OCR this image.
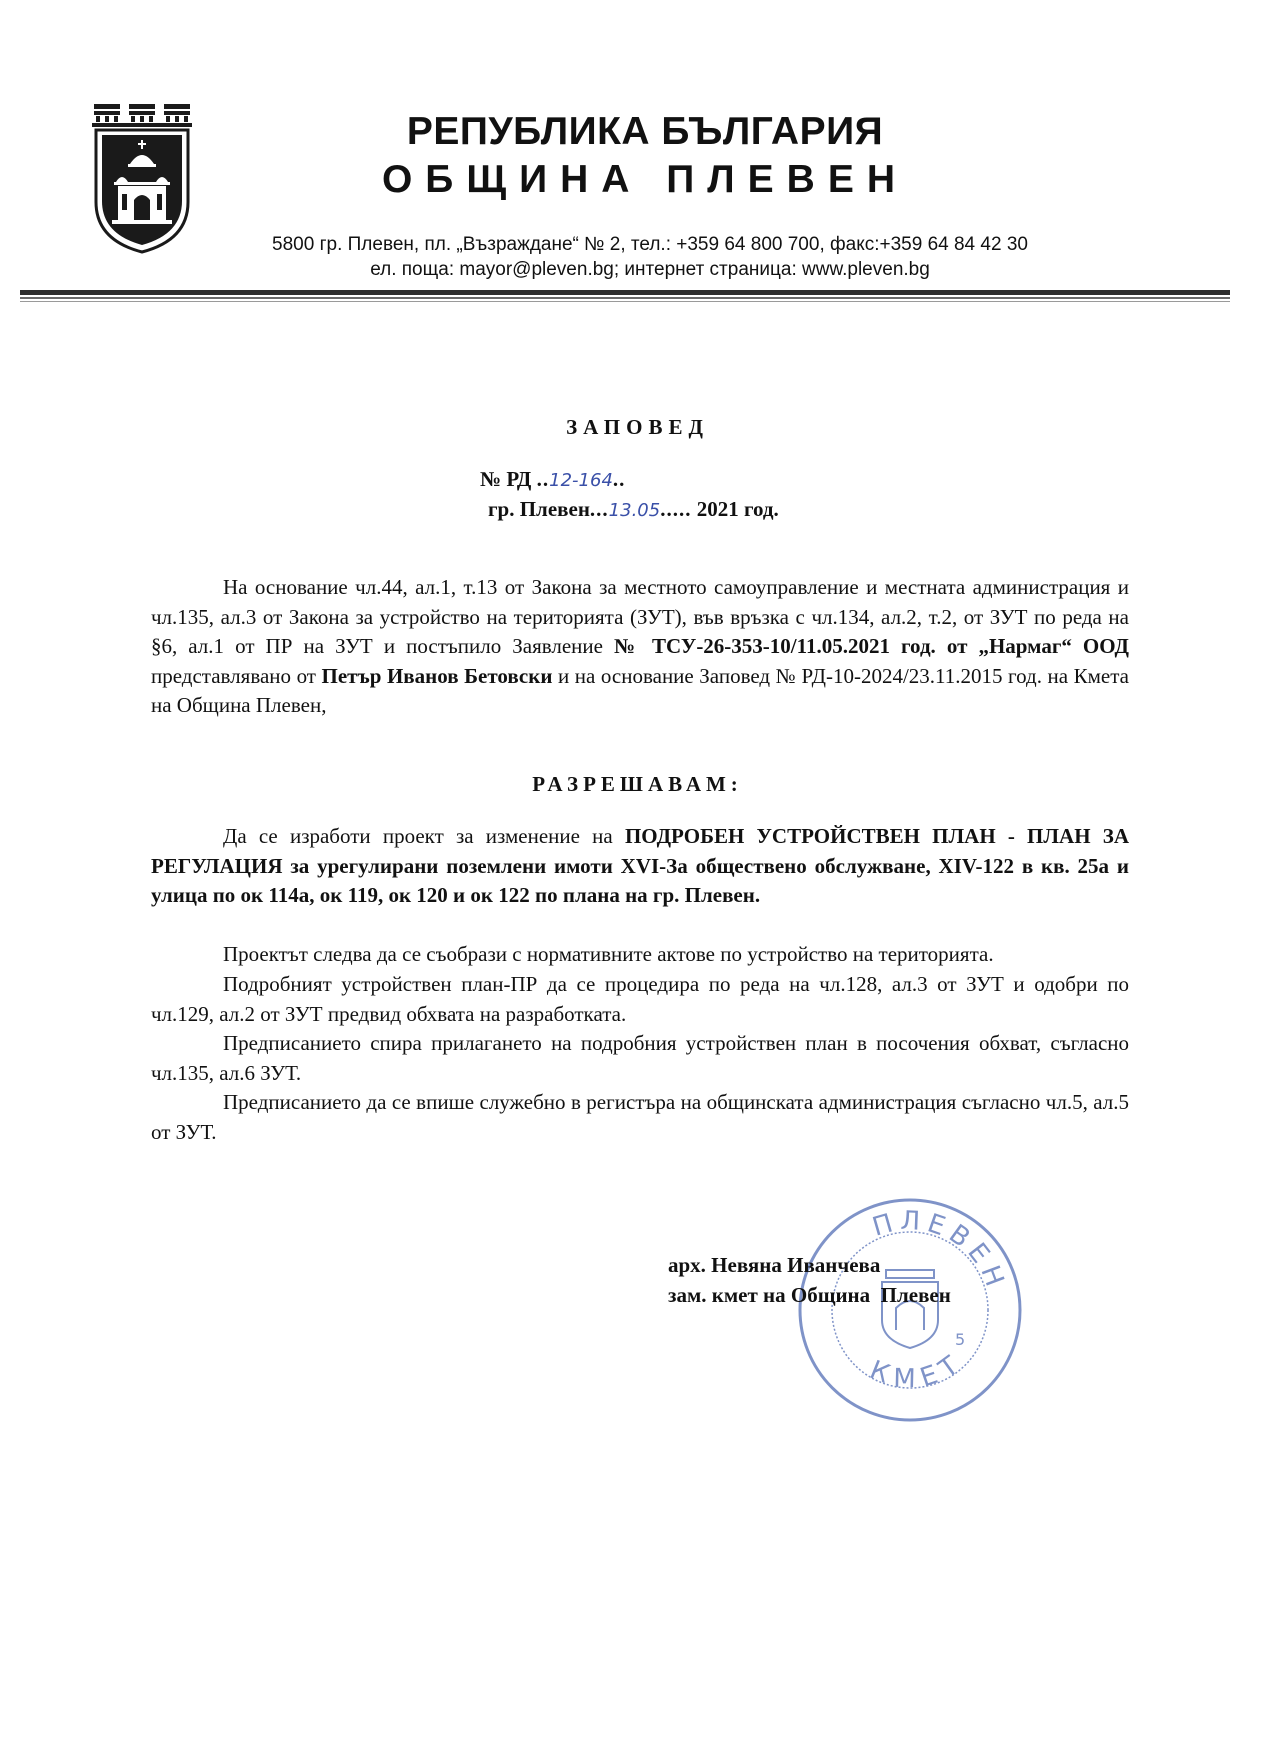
РЕПУБЛИКА БЪЛГАРИЯ
ОБЩИНА ПЛЕВЕН
5800 гр. Плевен, пл. „Възраждане“ № 2, тел.: +359 64 800 700, факс:+359 64 84 42 30
ел. поща: mayor@pleven.bg; интернет страница: www.pleven.bg
ЗАПОВЕД
№ РД ..12-164..
гр. Плевен...13.05..... 2021 год.
На основание чл.44, ал.1, т.13 от Закона за местното самоуправление и местната администрация и чл.135, ал.3 от Закона за устройство на територията (ЗУТ), във връзка с чл.134, ал.2, т.2, от ЗУТ по реда на §6, ал.1 от ПР на ЗУТ и постъпило Заявление № ТСУ-26-353-10/11.05.2021 год. от „Нармаг“ ООД представлявано от Петър Иванов Бетовски и на основание Заповед № РД-10-2024/23.11.2015 год. на Кмета на Община Плевен,
РАЗРЕШАВАМ:
Да се изработи проект за изменение на ПОДРОБЕН УСТРОЙСТВЕН ПЛАН - ПЛАН ЗА РЕГУЛАЦИЯ за урегулирани поземлени имоти XVI-За обществено обслужване, XIV-122 в кв. 25а и улица по ок 114а, ок 119, ок 120 и ок 122 по плана на гр. Плевен.
Проектът следва да се съобрази с нормативните актове по устройство на територията.
Подробният устройствен план-ПР да се процедира по реда на чл.128, ал.3 от ЗУТ и одобри по чл.129, ал.2 от ЗУТ предвид обхвата на разработката.
Предписанието спира прилагането на подробния устройствен план в посочения обхват, съгласно чл.135, ал.6 ЗУТ.
Предписанието да се впише служебно в регистъра на общинската администрация съгласно чл.5, ал.5 от ЗУТ.
ПЛЕВЕН
КМЕТ
5
арх. Невяна Иванчева
зам. кмет на Община  Плевен
